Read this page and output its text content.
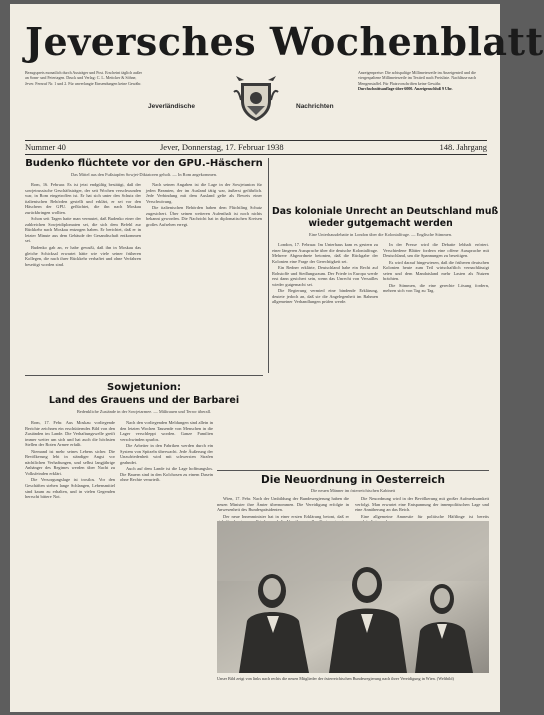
Jeversches Wochenblatt
Bezugspreis monatlich durch Austräger und Post. Erscheint täglich außer an Sonn- und Feiertagen. Druck und Verlag: C. L. Mettcker & Söhne, Jever. Fernruf Nr. 1 und 2. Für unverlangte Einsendungen keine Gewähr.
Jeverländische	Nachrichten
Anzeigenpreise: Die achtspaltige Millimeterzeile im Anzeigenteil und die viergespaltene Millimeterzeile im Textteil nach Preisliste. Nachlässe nach Mengenstaffel. Für Platzvorschriften keine Gewähr.
Durchschnittsauflage über 6000. Anzeigenschluß 9 Uhr.
Nummer 40	Jever, Donnerstag, 17. Februar 1938	148. Jahrgang
Budenko flüchtete vor den GPU.-Häschern
Das Mittel aus den Fußstapfen Sowjet-Diktatoren geholt. — In Rom angekommen.

Rom, 16. Februar. Es ist jetzt endgültig bestätigt, daß der sowjetrussische Geschäftsträger, der seit Wochen verschwunden war, in Rom eingetroffen ist. Er hat sich unter den Schutz der italienischen Behörden gestellt und erklärt, er sei vor den Häschern der GPU. geflüchtet, die ihn nach Moskau zurückbringen wollten.

Schon seit Tagen hatte man vermutet, daß Budenko einer der zahlreichen Sowjetdiplomaten sei, die sich dem Befehl zur Rückkehr nach Moskau entzogen haben. Er berichtet, daß er in letzter Minute aus dem Gebäude der Gesandtschaft entkommen sei.

Budenko gab an, er habe gewußt, daß ihn in Moskau das gleiche Schicksal erwartet hätte wie viele seiner früheren Kollegen, die nach ihrer Rückkehr verhaftet und ohne Verfahren beseitigt worden sind.

Nach seinen Angaben ist die Lage in der Sowjetunion für jeden Beamten, der im Ausland tätig war, äußerst gefährlich. Jede Verbindung mit dem Ausland gelte als Beweis einer Verschwörung.

Die italienischen Behörden haben dem Flüchtling Schutz zugesichert. Über seinen weiteren Aufenthalt ist noch nichts bekannt geworden. Die Nachricht hat in diplomatischen Kreisen großes Aufsehen erregt.

Sowjetunion:
Land des Grauens und der Barbarei
Bedenkliche Zustände in der Sowjetarmee. — Mißtrauen und Terror überall.

Rom, 17. Febr. Aus Moskau vorliegende Berichte zeichnen ein erschütterndes Bild von den Zuständen im Lande. Die Verhaftungswelle greift immer weiter um sich und hat auch die höchsten Stellen der Roten Armee erfaßt.

Niemand ist mehr seines Lebens sicher. Die Bevölkerung lebt in ständiger Angst vor nächtlichen Verhaftungen, und selbst langjährige Anhänger des Regimes werden über Nacht zu Volksfeinden erklärt.

Die Versorgungslage ist trostlos. Vor den Geschäften stehen lange Schlangen, Lebensmittel sind kaum zu erhalten, und in vielen Gegenden herrscht bittere Not.

Nach den vorliegenden Meldungen sind allein in den letzten Wochen Tausende von Menschen in die Lager verschleppt worden. Ganze Familien verschwinden spurlos.

Die Arbeiter in den Fabriken werden durch ein System von Spitzeln überwacht. Jede Äußerung der Unzufriedenheit wird mit schwersten Strafen geahndet.

Auch auf dem Lande ist die Lage hoffnungslos. Die Bauern sind in den Kolchosen zu einem Dasein ohne Rechte verurteilt.

Das koloniale Unrecht an Deutschland muß
wieder gutgemacht werden
Eine Unterhausdebatte in London über die Kolonialfrage. — Englische Stimmen.

London, 17. Februar. Im Unterhaus kam es gestern zu einer längeren Aussprache über die deutsche Kolonialfrage. Mehrere Abgeordnete betonten, daß die Rückgabe der Kolonien eine Frage der Gerechtigkeit sei.

Ein Redner erklärte, Deutschland habe ein Recht auf Rohstoffe und Siedlungsraum. Der Friede in Europa werde erst dann gesichert sein, wenn das Unrecht von Versailles wieder gutgemacht sei.

Die Regierung vermied eine bindende Erklärung, deutete jedoch an, daß sie die Angelegenheit im Rahmen allgemeiner Verhandlungen prüfen werde.

In der Presse wird die Debatte lebhaft erörtert. Verschiedene Blätter fordern eine offene Aussprache mit Deutschland, um die Spannungen zu beseitigen.

Es wird darauf hingewiesen, daß die früheren deutschen Kolonien heute zum Teil wirtschaftlich vernachlässigt seien und dem Mandatsland mehr Lasten als Nutzen brächten.

Die Stimmen, die eine gerechte Lösung fordern, mehren sich von Tag zu Tag.

Die Neuordnung in Oesterreich
Die neuen Männer im österreichischen Kabinett

Wien, 17. Febr. Nach der Umbildung der Bundesregierung haben die neuen Minister ihre Ämter übernommen. Die Vereidigung erfolgte in Anwesenheit des Bundespräsidenten.

Der neue Innenminister hat in einer ersten Erklärung betont, daß er

Die Neuordnung wird in der Bevölkerung mit großer Aufmerksamkeit verfolgt. Man erwartet eine Entspannung der innenpolitischen Lage und eine Annäherung an das Reich.

Eine allgemeine Amnestie für politische Häftlinge ist bereits

Unser Bild zeigt von links nach rechts die neuen Mitglieder der österreichischen Bundesregierung nach ihrer Vereidigung in Wien. (Weltbild)
